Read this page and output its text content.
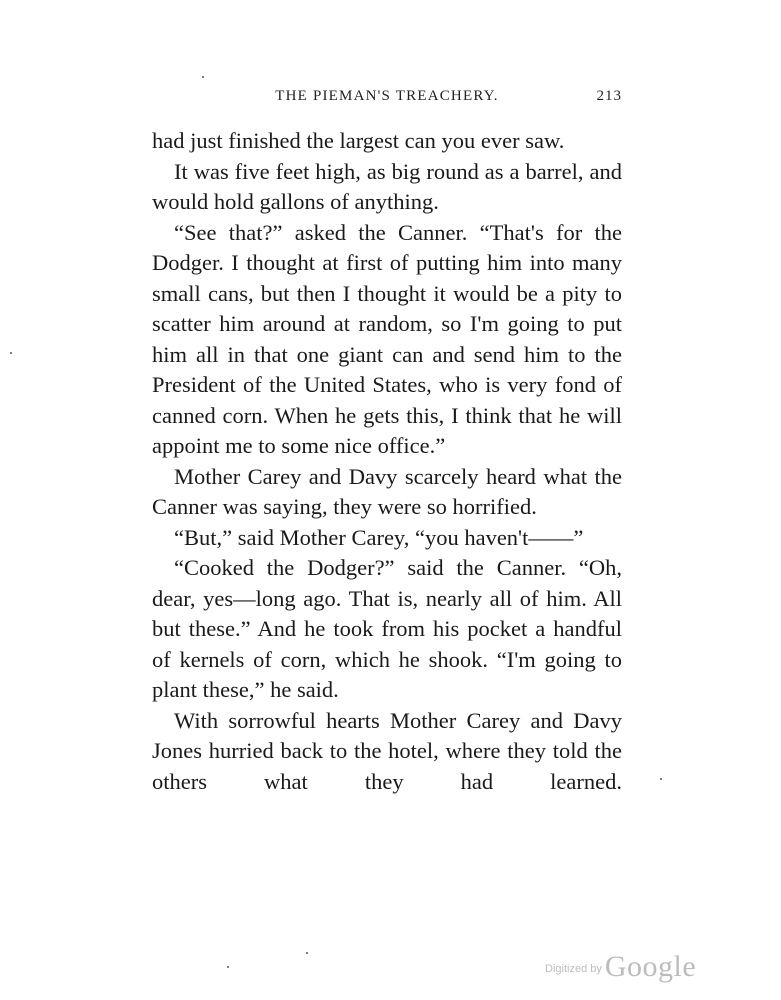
THE PIEMAN'S TREACHERY.	213

had just finished the largest can you ever saw.

It was five feet high, as big round as a barrel, and would hold gallons of anything.

“See that?” asked the Canner. “That's for the Dodger. I thought at first of putting him into many small cans, but then I thought it would be a pity to scatter him around at random, so I'm going to put him all in that one giant can and send him to the President of the United States, who is very fond of canned corn. When he gets this, I think that he will appoint me to some nice office.”

Mother Carey and Davy scarcely heard what the Canner was saying, they were so horrified.

“But,” said Mother Carey, “you haven't——”

“Cooked the Dodger?” said the Canner. “Oh, dear, yes—long ago. That is, nearly all of him. All but these.” And he took from his pocket a handful of kernels of corn, which he shook. “I'm going to plant these,” he said.

With sorrowful hearts Mother Carey and Davy Jones hurried back to the hotel, where they told the others what they had learned.

$^{Digitized by}$ Google
